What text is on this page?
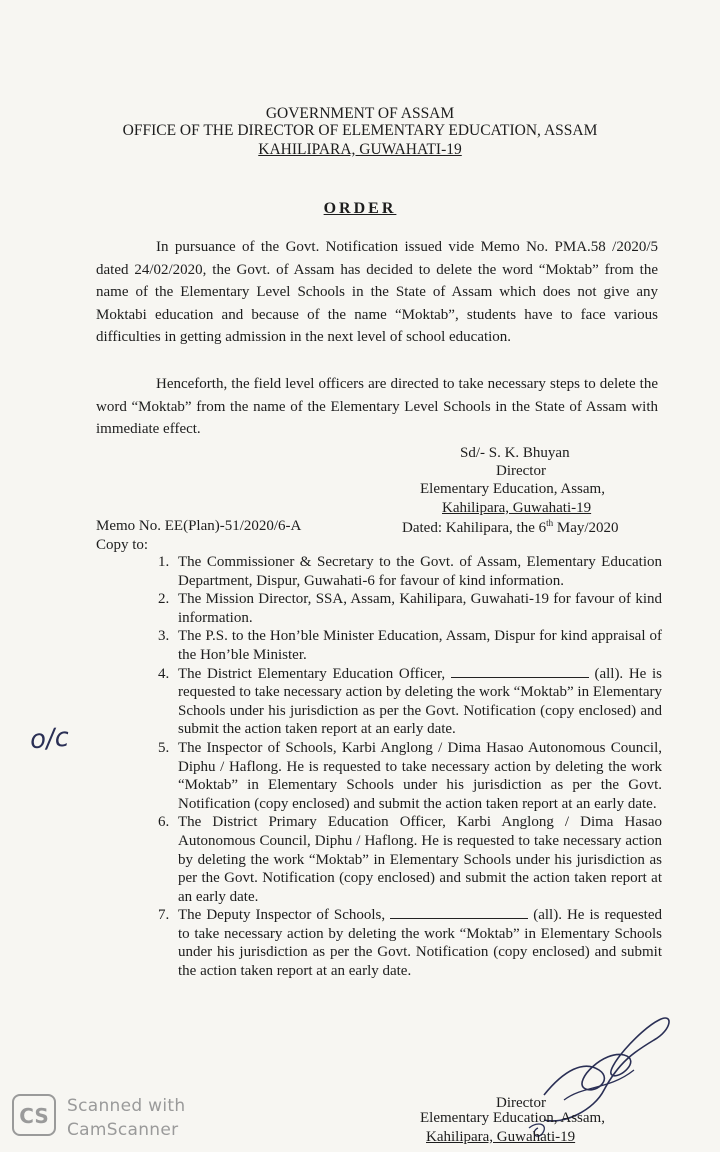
GOVERNMENT OF ASSAM
OFFICE OF THE DIRECTOR OF ELEMENTARY EDUCATION, ASSAM
KAHILIPARA, GUWAHATI-19
ORDER
In pursuance of the Govt. Notification issued vide Memo No. PMA.58 /2020/5 dated 24/02/2020, the Govt. of Assam has decided to delete the word “Moktab” from the name of the Elementary Level Schools in the State of Assam which does not give any Moktabi education and because of the name “Moktab”, students have to face various difficulties in getting admission in the next level of school education.
Henceforth, the field level officers are directed to take necessary steps to delete the word “Moktab” from the name of the Elementary Level Schools in the State of Assam with immediate effect.
Sd/- S. K. Bhuyan
Director
Elementary Education, Assam,
Kahilipara, Guwahati-19
Memo No. EE(Plan)-51/2020/6-A	Dated: Kahilipara, the 6th May/2020
Copy to:
1. The Commissioner & Secretary to the Govt. of Assam, Elementary Education Department, Dispur, Guwahati-6 for favour of kind information.
2. The Mission Director, SSA, Assam, Kahilipara, Guwahati-19 for favour of kind information.
3. The P.S. to the Hon’ble Minister Education, Assam, Dispur for kind appraisal of the Hon’ble Minister.
4. The District Elementary Education Officer,	(all). He is requested to take necessary action by deleting the work “Moktab” in Elementary Schools under his jurisdiction as per the Govt. Notification (copy enclosed) and submit the action taken report at an early date.
5. The Inspector of Schools, Karbi Anglong / Dima Hasao Autonomous Council, Diphu / Haflong. He is requested to take necessary action by deleting the work “Moktab” in Elementary Schools under his jurisdiction as per the Govt. Notification (copy enclosed) and submit the action taken report at an early date.
6. The District Primary Education Officer, Karbi Anglong / Dima Hasao Autonomous Council, Diphu / Haflong. He is requested to take necessary action by deleting the work “Moktab” in Elementary Schools under his jurisdiction as per the Govt. Notification (copy enclosed) and submit the action taken report at an early date.
7. The Deputy Inspector of Schools,	(all). He is requested to take necessary action by deleting the work “Moktab” in Elementary Schools under his jurisdiction as per the Govt. Notification (copy enclosed) and submit the action taken report at an early date.
o/c
Director
Elementary Education, Assam,
Kahilipara, Guwahati-19
CS Scanned with
CamScanner
